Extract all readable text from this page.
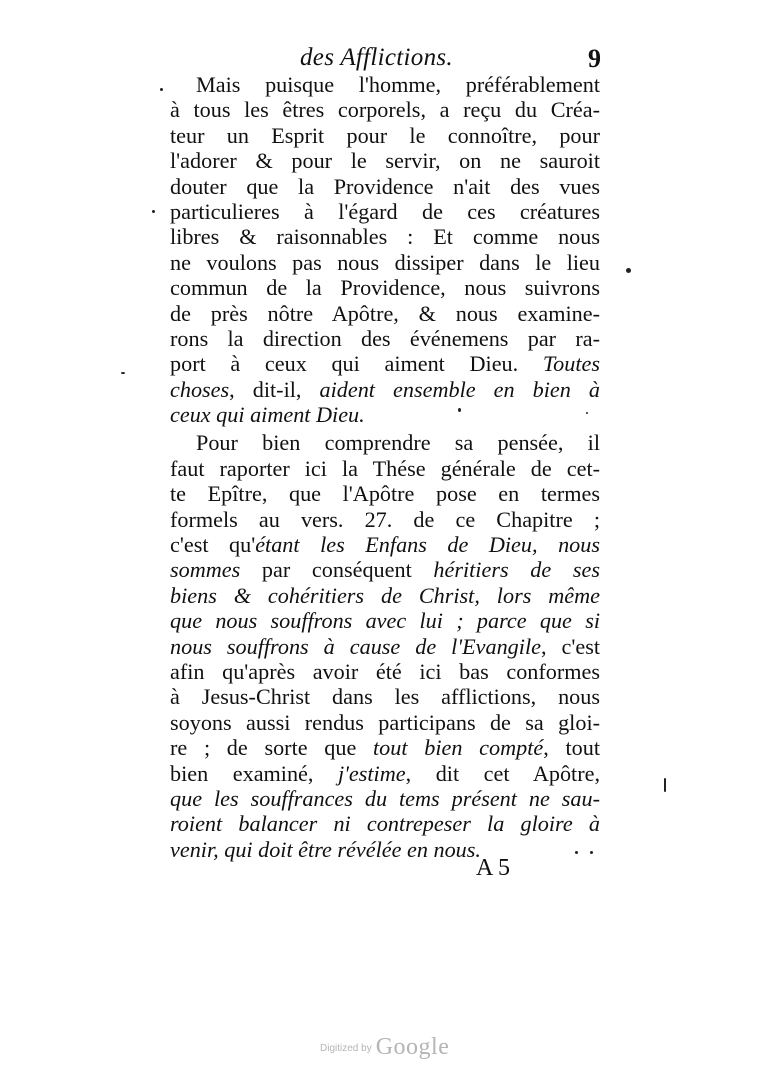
des Afflictions.	9
Mais puisque l'homme, préférablement
à tous les êtres corporels, a reçu du Créa-
teur un Esprit pour le connoître, pour
l'adorer & pour le servir, on ne sauroit
douter que la Providence n'ait des vues
particulieres à l'égard de ces créatures
libres & raisonnables : Et comme nous
ne voulons pas nous dissiper dans le lieu
commun de la Providence, nous suivrons
de près nôtre Apôtre, & nous examine-
rons la direction des événemens par ra-
port à ceux qui aiment Dieu. Toutes
choses, dit-il, aident ensemble en bien à
ceux qui aiment Dieu.
Pour bien comprendre sa pensée, il
faut raporter ici la Thése générale de cet-
te Epître, que l'Apôtre pose en termes
formels au vers. 27. de ce Chapitre ;
c'est qu'étant les Enfans de Dieu, nous
sommes par conséquent héritiers de ses
biens & cohéritiers de Christ, lors même
que nous souffrons avec lui ; parce que si
nous souffrons à cause de l'Evangile, c'est
afin qu'après avoir été ici bas conformes
à Jesus-Christ dans les afflictions, nous
soyons aussi rendus participans de sa gloi-
re ; de sorte que tout bien compté, tout
bien examiné, j'estime, dit cet Apôtre,
que les souffrances du tems présent ne sau-
roient balancer ni contrepeser la gloire à
venir, qui doit être révélée en nous.
A 5
Digitized by Google
